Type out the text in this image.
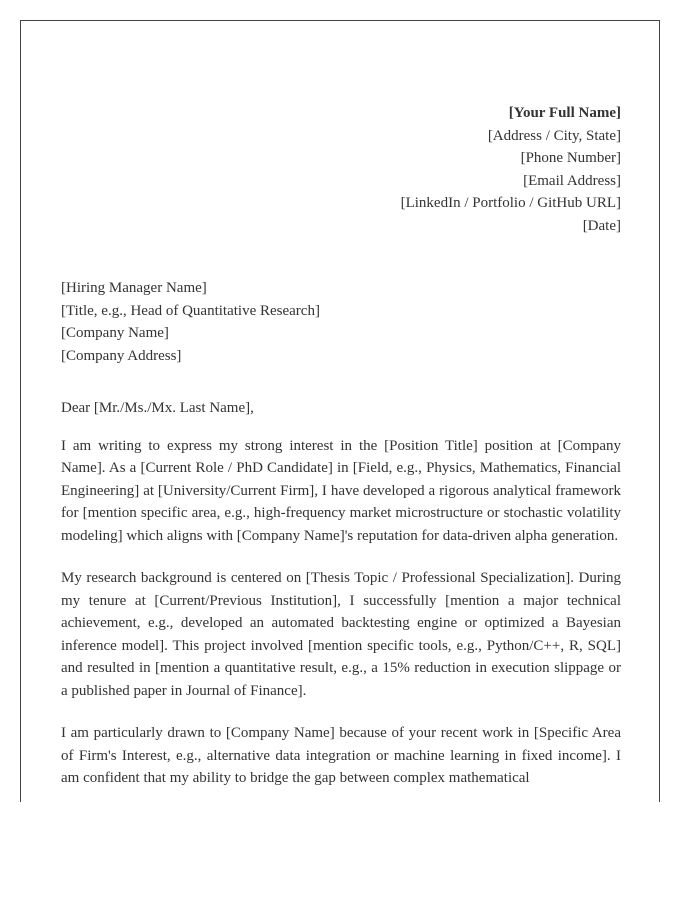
[Your Full Name]
[Address / City, State]
[Phone Number]
[Email Address]
[LinkedIn / Portfolio / GitHub URL]
[Date]
[Hiring Manager Name]
[Title, e.g., Head of Quantitative Research]
[Company Name]
[Company Address]
Dear [Mr./Ms./Mx. Last Name],

I am writing to express my strong interest in the [Position Title] position at [Company Name]. As a [Current Role / PhD Candidate] in [Field, e.g., Physics, Mathematics, Financial Engineering] at [University/Current Firm], I have developed a rigorous analytical framework for [mention specific area, e.g., high-frequency market microstructure or stochastic volatility modeling] which aligns with [Company Name]'s reputation for data-driven alpha generation.

My research background is centered on [Thesis Topic / Professional Specialization]. During my tenure at [Current/Previous Institution], I successfully [mention a major technical achievement, e.g., developed an automated backtesting engine or optimized a Bayesian inference model]. This project involved [mention specific tools, e.g., Python/C++, R, SQL] and resulted in [mention a quantitative result, e.g., a 15% reduction in execution slippage or a published paper in Journal of Finance].

I am particularly drawn to [Company Name] because of your recent work in [Specific Area of Firm's Interest, e.g., alternative data integration or machine learning in fixed income]. I am confident that my ability to bridge the gap between complex mathematical
